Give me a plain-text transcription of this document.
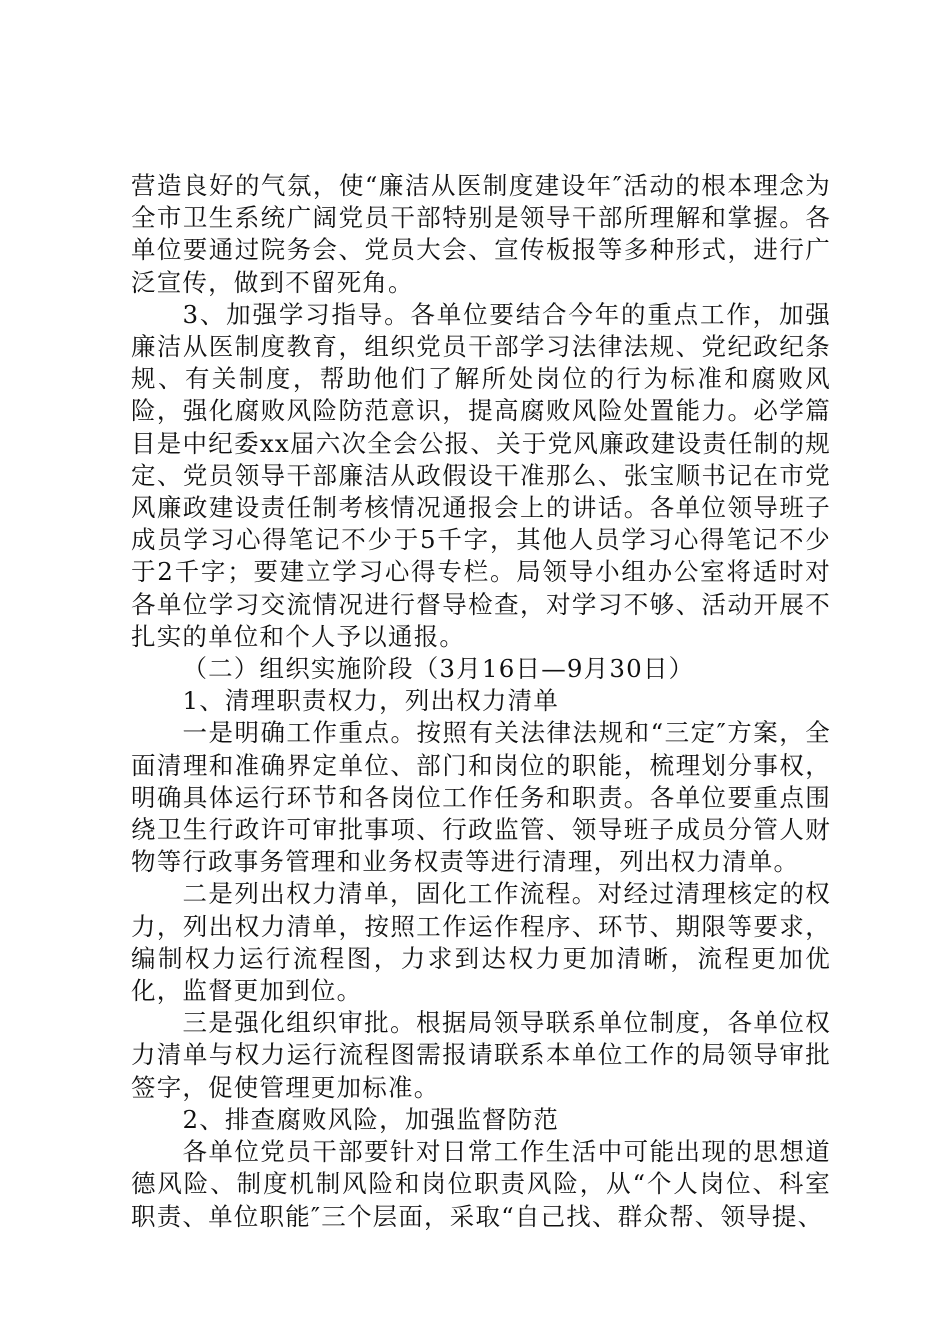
营造良好的气氛，使“廉洁从医制度建设年″活动的根本理念为全市卫生系统广阔党员干部特别是领导干部所理解和掌握。各单位要通过院务会、党员大会、宣传板报等多种形式，进行广泛宣传，做到不留死角。

3、加强学习指导。各单位要结合今年的重点工作，加强廉洁从医制度教育，组织党员干部学习法律法规、党纪政纪条规、有关制度，帮助他们了解所处岗位的行为标准和腐败风险，强化腐败风险防范意识，提高腐败风险处置能力。必学篇目是中纪委xx届六次全会公报、关于党风廉政建设责任制的规定、党员领导干部廉洁从政假设干准那么、张宝顺书记在市党风廉政建设责任制考核情况通报会上的讲话。各单位领导班子成员学习心得笔记不少于5千字，其他人员学习心得笔记不少于2千字；要建立学习心得专栏。局领导小组办公室将适时对各单位学习交流情况进行督导检查，对学习不够、活动开展不扎实的单位和个人予以通报。

（二）组织实施阶段（3月16日—9月30日）

1、清理职责权力，列出权力清单

一是明确工作重点。按照有关法律法规和“三定″方案，全面清理和准确界定单位、部门和岗位的职能，梳理划分事权，明确具体运行环节和各岗位工作任务和职责。各单位要重点围绕卫生行政许可审批事项、行政监管、领导班子成员分管人财物等行政事务管理和业务权责等进行清理，列出权力清单。

二是列出权力清单，固化工作流程。对经过清理核定的权力，列出权力清单，按照工作运作程序、环节、期限等要求，编制权力运行流程图，力求到达权力更加清晰，流程更加优化，监督更加到位。

三是强化组织审批。根据局领导联系单位制度，各单位权力清单与权力运行流程图需报请联系本单位工作的局领导审批签字，促使管理更加标准。

2、排查腐败风险，加强监督防范

各单位党员干部要针对日常工作生活中可能出现的思想道德风险、制度机制风险和岗位职责风险，从“个人岗位、科室职责、单位职能″三个层面，采取“自己找、群众帮、领导提、
